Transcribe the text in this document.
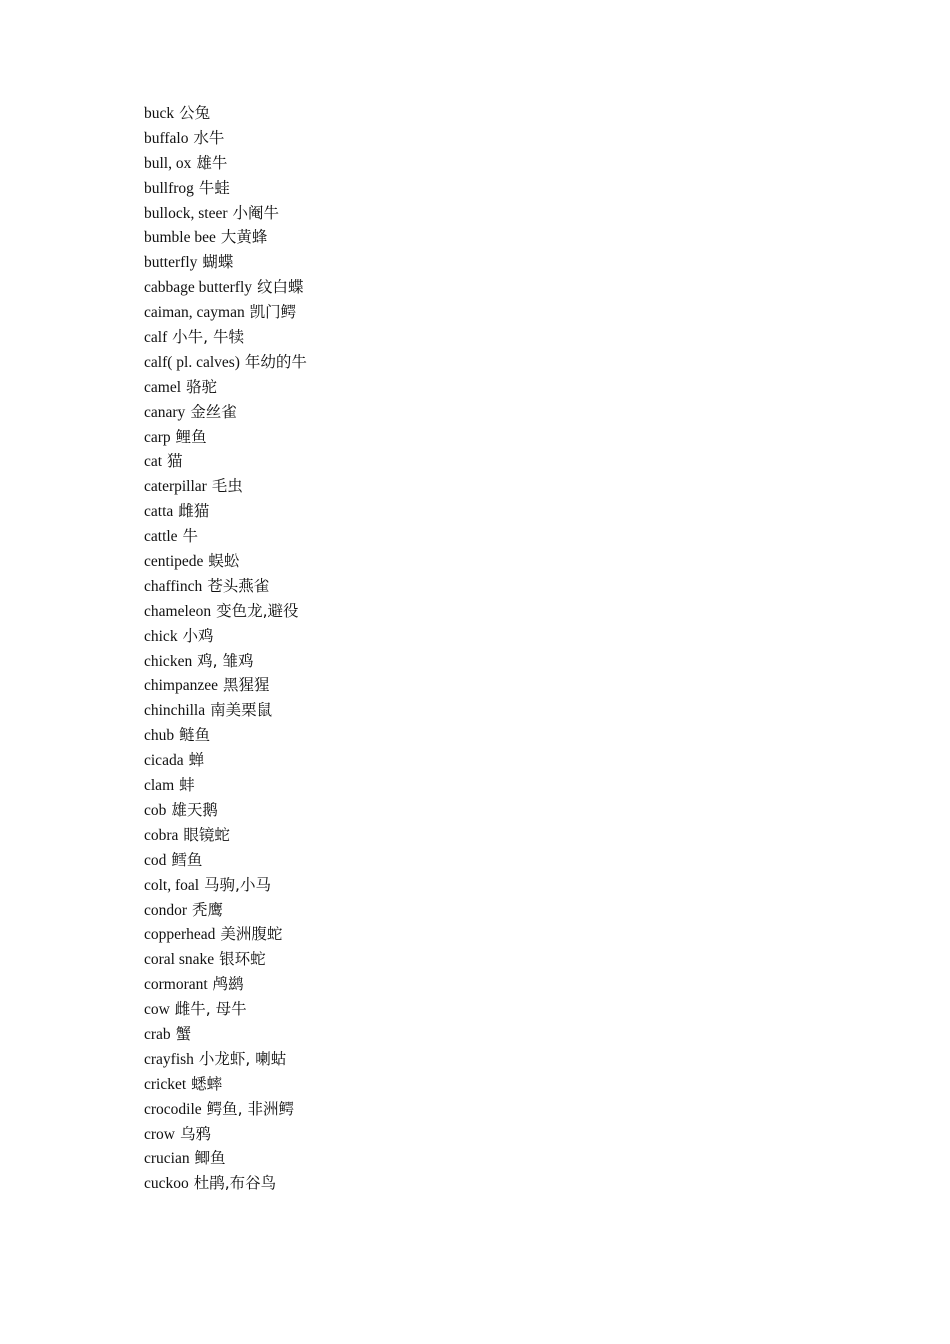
buck 公兔
buffalo 水牛
bull, ox 雄牛
bullfrog 牛蛙
bullock, steer 小阉牛
bumble bee 大黄蜂
butterfly 蝴蝶
cabbage butterfly 纹白蝶
caiman, cayman 凯门鳄
calf 小牛, 牛犊
calf( pl. calves) 年幼的牛
camel 骆驼
canary 金丝雀
carp 鲤鱼
cat 猫
caterpillar 毛虫
catta 雌猫
cattle 牛
centipede 蜈蚣
chaffinch 苍头燕雀
chameleon 变色龙,避役
chick 小鸡
chicken 鸡, 雏鸡
chimpanzee 黑猩猩
chinchilla 南美栗鼠
chub 鲢鱼
cicada 蝉
clam 蚌
cob 雄天鹅
cobra 眼镜蛇
cod 鳕鱼
colt, foal 马驹,小马
condor 秃鹰
copperhead 美洲腹蛇
coral snake 银环蛇
cormorant 鸬鹚
cow 雌牛, 母牛
crab 蟹
crayfish 小龙虾, 喇蛄
cricket 蟋蟀
crocodile 鳄鱼, 非洲鳄
crow 乌鸦
crucian 鲫鱼
cuckoo 杜鹃,布谷鸟
